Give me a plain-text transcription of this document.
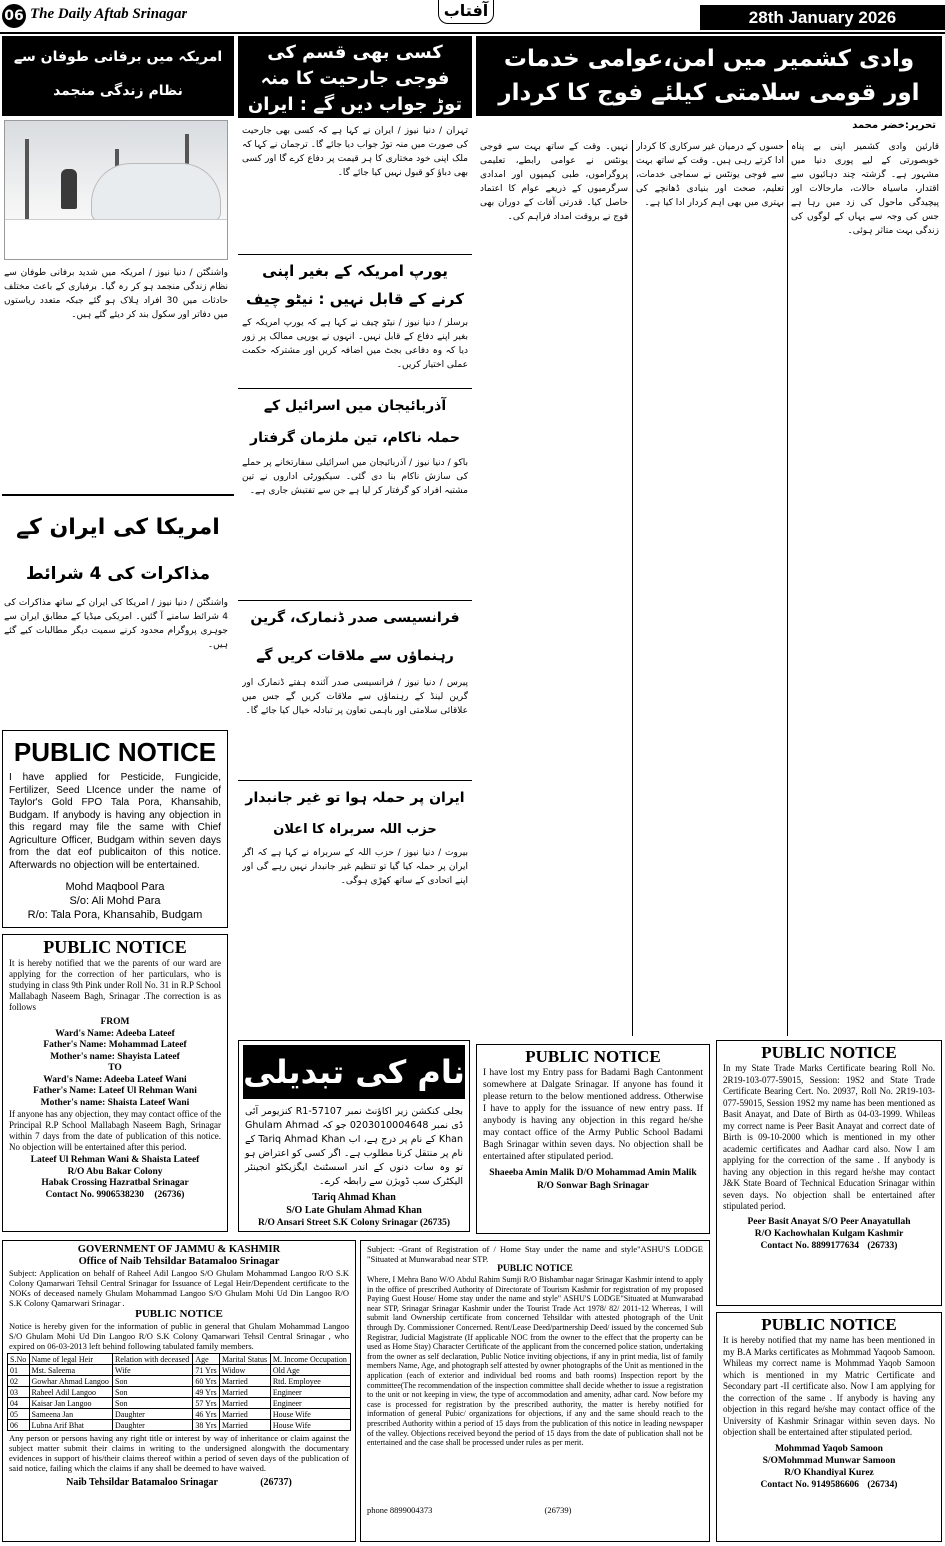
06 The Daily Aftab Srinagar	آفتاب	28th January 2026
وادی کشمیر میں امن،عوامی خدمات اور قومی سلامتی کیلئے فوج کا کردار
تحریر:خضر محمد

قارئین وادی کشمیر اپنی بے پناہ خوبصورتی کے لیے پوری دنیا میں مشہور ہے۔ گزشتہ چند دہائیوں سے اقتدار، ماسیاہ حالات، مارحالات اور پیچیدگی ماحول کی زد میں رہا ہے جس کی وجہ سے یہاں کے لوگوں کی زندگی بہت متاثر ہوئی۔

حسوں کے درمیان غیر سرکاری کا کردار ادا کرتے رہی ہیں۔ وقت کے ساتھ بہت سے فوجی یونٹس نے سماجی خدمات، تعلیم، صحت اور بنیادی ڈھانچے کی بہتری میں بھی اہم کردار ادا کیا ہے۔

نہیں۔ وقت کے ساتھ بہت سے فوجی یونٹس نے عوامی رابطے، تعلیمی پروگراموں، طبی کیمپوں اور امدادی سرگرمیوں کے ذریعے عوام کا اعتماد حاصل کیا۔ قدرتی آفات کے دوران بھی فوج نے بروقت امداد فراہم کی۔

کسی بھی قسم کی فوجی جارحیت کا منہ توڑ جواب دیں گے : ایران
تہران / دنیا نیوز / ایران نے کہا ہے کہ کسی بھی جارحیت کی صورت میں منہ توڑ جواب دیا جائے گا۔ ترجمان نے کہا کہ ملک اپنی خود مختاری کا ہر قیمت پر دفاع کرے گا اور کسی بھی دباؤ کو قبول نہیں کیا جائے گا۔
یورپ امریکہ کے بغیر اپنی
کرنے کے قابل نہیں : نیٹو چیف
برسلز / دنیا نیوز / نیٹو چیف نے کہا ہے کہ یورپ امریکہ کے بغیر اپنے دفاع کے قابل نہیں۔ انہوں نے یورپی ممالک پر زور دیا کہ وہ دفاعی بجٹ میں اضافہ کریں اور مشترکہ حکمت عملی اختیار کریں۔
آذربائیجان میں اسرائیل کے
حملہ ناکام، تین ملزمان گرفتار
باکو / دنیا نیوز / آذربائیجان میں اسرائیلی سفارتخانے پر حملے کی سازش ناکام بنا دی گئی۔ سیکیورٹی اداروں نے تین مشتبہ افراد کو گرفتار کر لیا ہے جن سے تفتیش جاری ہے۔
فرانسیسی صدر ڈنمارک، گرین
رہنماؤں سے ملاقات کریں گے
پیرس / دنیا نیوز / فرانسیسی صدر آئندہ ہفتے ڈنمارک اور گرین لینڈ کے رہنماؤں سے ملاقات کریں گے جس میں علاقائی سلامتی اور باہمی تعاون پر تبادلہ خیال کیا جائے گا۔
ایران پر حملہ ہوا تو غیر جانبدار
حزب اللہ سربراہ کا اعلان
بیروت / دنیا نیوز / حزب اللہ کے سربراہ نے کہا ہے کہ اگر ایران پر حملہ کیا گیا تو تنظیم غیر جانبدار نہیں رہے گی اور اپنے اتحادی کے ساتھ کھڑی ہوگی۔
امریکہ میں برفانی طوفان سے نظام زندگی منجمد
واشنگٹن / دنیا نیوز / امریکہ میں شدید برفانی طوفان سے نظام زندگی منجمد ہو کر رہ گیا۔ برفباری کے باعث مختلف حادثات میں 30 افراد ہلاک ہو گئے جبکہ متعدد ریاستوں میں دفاتر اور سکول بند کر دیئے گئے ہیں۔
امریکا کی ایران کے
مذاکرات کی 4 شرائط
واشنگٹن / دنیا نیوز / امریکا کی ایران کے ساتھ مذاکرات کی 4 شرائط سامنے آ گئیں۔ امریکی میڈیا کے مطابق ایران سے جوہری پروگرام محدود کرنے سمیت دیگر مطالبات کیے گئے ہیں۔
PUBLIC NOTICE
I have applied for Pesticide, Fungicide, Fertilizer, Seed LIcence under the name of Taylor's Gold FPO Tala Pora, Khansahib, Budgam. If anybody is having any objection in this regard may file the same with Chief Agriculture Officer, Budgam within seven days from the dat eof publicaiton of this notice. Afterwards no objection will be entertained.
Mohd Maqbool Para
S/o: Ali Mohd Para
R/o: Tala Pora, Khansahib, Budgam
PUBLIC NOTICE
It is hereby notified that we the parents of our ward are applying for the correction of her particulars, who is studying in class 9th Pink under Roll No. 31 in R.P School Mallabagh Naseem Bagh, Srinagar .The correction is as follows
FROM
Ward's Name: Adeeba Lateef
Father's Name: Mohammad Lateef
Mother's name: Shayista Lateef
TO
Ward's Name: Adeeba Lateef Wani
Father's Name: Lateef Ul Rehman Wani
Mother's name: Shaista Lateef Wani
If anyone has any objection, they may contact office of the Principal R.P School Mallabagh Naseem Bagh, Srinagar within 7 days from the date of publication of this notice. No objection will be entertained after this period.
Lateef Ul Rehman Wani & Shaista Lateef
R/O Abu Bakar Colony
Habak Crossing Hazratbal Srinagar
Contact No. 9906538230 (26736)
نام کی تبدیلی
بجلی کنکشن زیر اکاؤنٹ نمبر 57107-R1 کنزیومر آئی ڈی نمبر 0203010004648 جو کہ Ghulam Ahmad Khan کے نام پر درج ہے، اب Tariq Ahmad Khan کے نام پر منتقل کرنا مطلوب ہے۔ اگر کسی کو اعتراض ہو تو وہ سات دنوں کے اندر اسسٹنٹ ایگزیکٹو انجینئر الیکٹرک سب ڈویژن سے رابطہ کرے۔
Tariq Ahmad Khan
S/O Late Ghulam Ahmad Khan
R/O Ansari Street S.K Colony Srinagar (26735)
PUBLIC NOTICE
I have lost my Entry pass for Badami Bagh Cantonment somewhere at Dalgate Srinagar. If anyone has found it please return to the below mentioned address. Otherwise I have to apply for the issuance of new entry pass. If anybody is having any objection in this regard he/she may contact office of the Army Public School Badami Bagh Srinagar within seven days. No objection shall be entertained after stipulated period.
Shaeeba Amin Malik D/O Mohammad Amin Malik
R/O Sonwar Bagh Srinagar
PUBLIC NOTICE
In my State Trade Marks Certificate bearing Roll No. 2R19-103-077-59015, Session: 19S2 and State Trade Certificate Bearing Cert. No. 20937, Roll No. 2R19-103-077-59015, Session 19S2 my name has been mentioned as Basit Anayat, and Date of Birth as 04-03-1999. Whileas my correct name is Peer Basit Anayat and correct date of Birth is 09-10-2000 which is mentioned in my other academic certificates and Aadhar card also. Now I am applying for the correction of the same . If anybody is having any objection in this regard he/she may contact J&K State Board of Technical Education Srinagar within seven days. No objection shall be entertained after stipulated period.
Peer Basit Anayat S/O Peer Anayatullah
R/O Kachowhalan Kulgam Kashmir
Contact No. 8899177634 (26733)
GOVERNMENT OF JAMMU & KASHMIR
Office of Naib Tehsildar Batamaloo Srinagar
Subject: Application on behalf of Raheel Adil Langoo S/O Ghulam Mohammad Langoo R/O S.K Colony Qamarwari Tehsil Central Srinagar for Issuance of Legal Heir/Dependent certificate to the NOKs of deceased namely Ghulam Mohammad Langoo S/O Ghulam Mohi Ud Din Langoo R/O S.K Colony Qamarwari Srinagar .
PUBLIC NOTICE
Notice is hereby given for the information of public in general that Ghulam Mohammad Langoo S/O Ghulam Mohi Ud Din Langoo R/O S.K Colony Qamarwari Tehsil Central Srinagar , who expired on 06-03-2013 left behind following tabulated family members.
S.No	Name of legal Heir	Relation with deceased	Age	Marital Status	M. Income Occupation
01	Mst. Saleema	Wife	71 Yrs	Widow	Old Age
02	Gowhar Ahmad Langoo	Son	60 Yrs	Married	Rtd. Employee
03	Raheel Adil Langoo	Son	49 Yrs	Married	Engineer
04	Kaisar Jan Langoo	Son	57 Yrs	Married	Engineer
05	Sameena Jan	Daughter	46 Yrs	Married	House Wife
06	Lubna Arif Bhat	Daughter	38 Yrs	Married	House Wife
Any person or persons having any right title or interest by way of inheritance or claim against the subject matter submit their claims in writing to the undersigned alongwith the documentary evidences in support of his/their claims thereof within a period of seven days of the publication of said notice, failing which the claims if any shall be deemed to have waived.
Naib Tehsildar Batamaloo Srinagar	(26737)
Subject: -Grant of Registration of / Home Stay under the name and style"ASHU'S LODGE "Situated at Munwarabad near STP.
PUBLIC NOTICE
Where, I Mehra Bano W/O Abdul Rahim Sumji R/O Bishambar nagar Srinagar Kashmir intend to apply in the office of prescribed Authority of Directorate of Tourism Kashmir for registration of my proposed Paying Guest House/ Home stay under the name and style" ASHU'S LODGE"Situated at Munwarabad near STP, Srinagar Srinagar Kashmir under the Tourist Trade Act 1978/ 82/ 2011-12 Whereas, I will submit land Ownership certificate from concerned Tehsildar with attested photograph of the Unit through Dy. Commissioner Concerned. Rent/Lease Deed/partnership Deed/ issued by the concerned Sub Registrar, Judicial Magistrate (If applicable NOC from the owner to the effect that the property can be used as Home Stay) Character Certificate of the applicant from the concerned police station, undertaking from the owner as self declaration, Public Notice inviting objections, if any in print media, list of family members Name, Age, and photograph self attested by owner photographs of the Unit as mentioned in the application (each of exterior and individual bed rooms and bath rooms) Inspection report by the committee(The recommendation of the inspection committee shall decide whether to issue a registration to the unit or not keeping in view, the type of accommodation and amenity, adhar card. Now before my case is processed for registration by the prescribed authority, the matter is hereby notified for information of general Pubic/ organizations for objections, if any and the same should reach to the prescribed Authority within a period of 15 days from the publication of this notice in leading newspaper of the valley. Objections received beyond the period of 15 days from the date of publication shall not be entertained and the case shall be processed under rules as per merit.
phone 8899004373	(26739)
PUBLIC NOTICE
It is hereby notified that my name has been mentioned in my B.A Marks certificates as Mohmmad Yaqoob Samoon. Whileas my correct name is Mohmmad Yaqob Samoon which is mentioned in my Matric Certificate and Secondary part -II certificate also. Now I am applying for the correction of the same . If anybody is having any objection in this regard he/she may contact office of the University of Kashmir Srinagar within seven days. No objection shall be entertained after stipulated period.
Mohmmad Yaqob Samoon
S/OMohmmad Munwar Samoon
R/O Khandiyal Kurez
Contact No. 9149586606 (26734)
